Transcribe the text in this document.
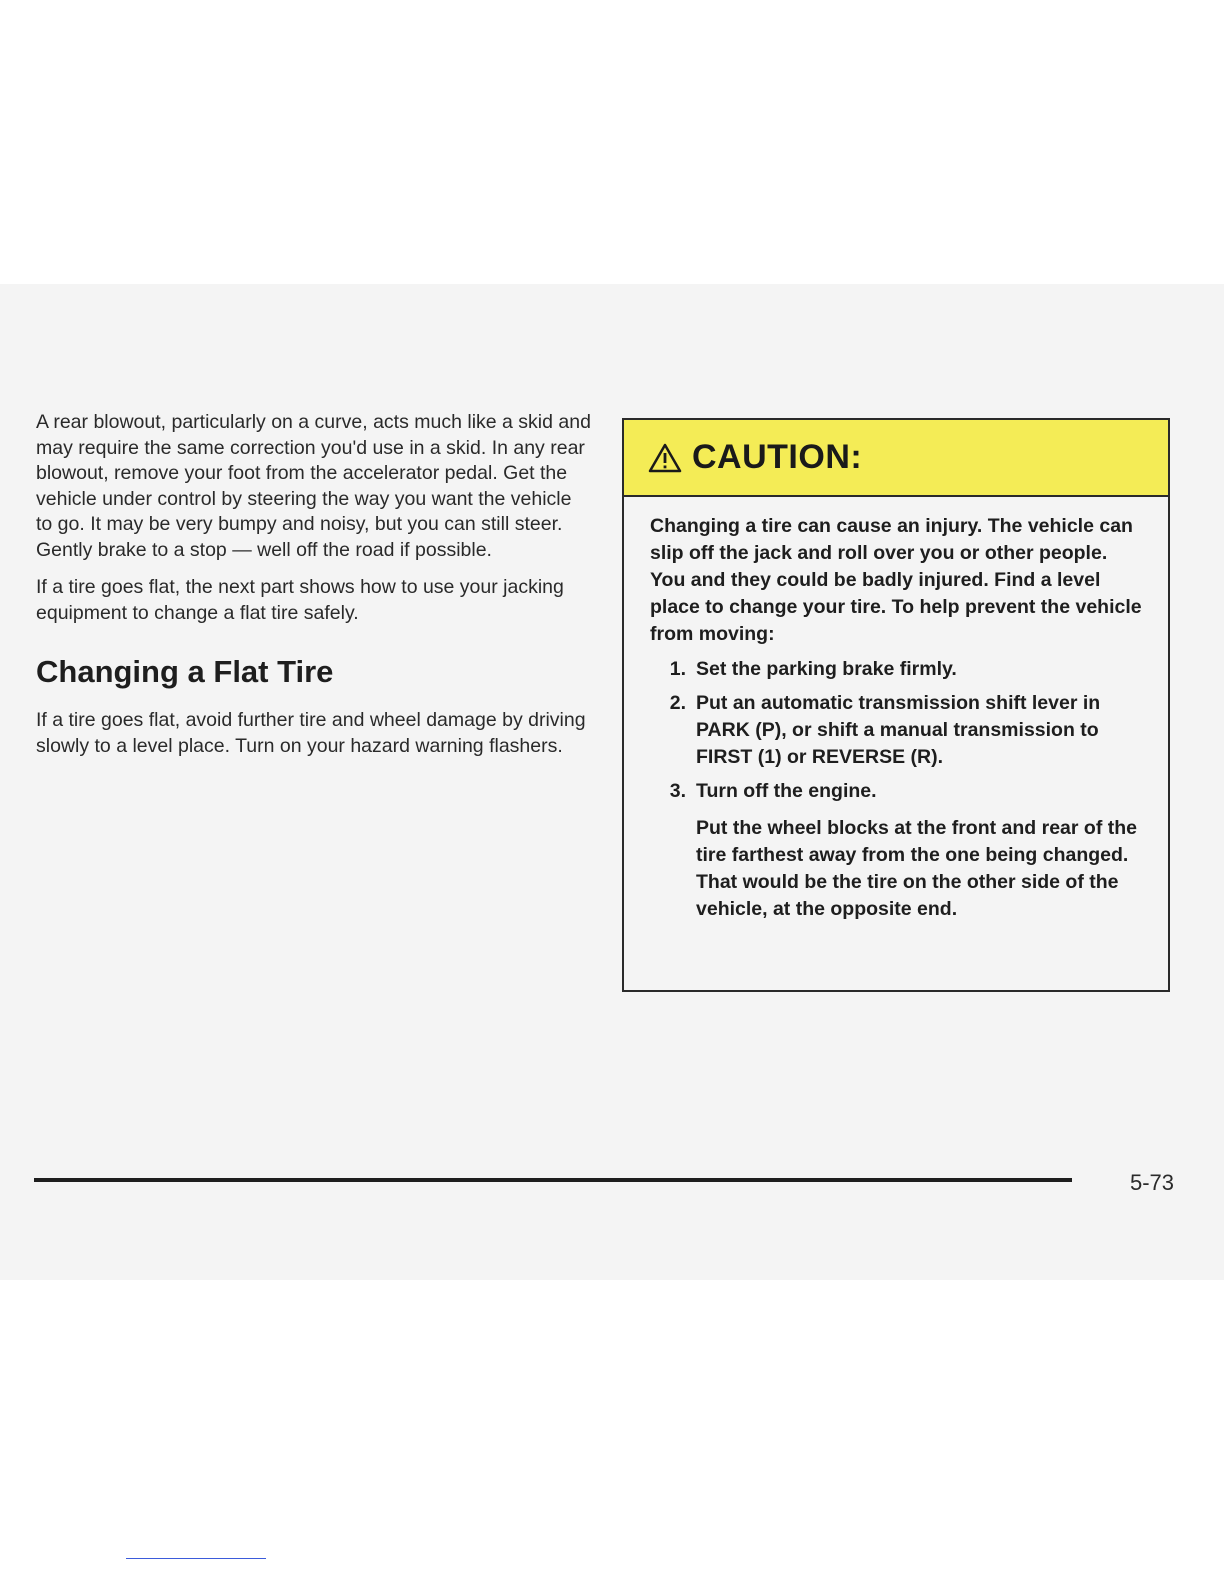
A rear blowout, particularly on a curve, acts much like a skid and may require the same correction you'd use in a skid. In any rear blowout, remove your foot from the accelerator pedal. Get the vehicle under control by steering the way you want the vehicle to go. It may be very bumpy and noisy, but you can still steer. Gently brake to a stop — well off the road if possible.

If a tire goes flat, the next part shows how to use your jacking equipment to change a flat tire safely.

Changing a Flat Tire

If a tire goes flat, avoid further tire and wheel damage by driving slowly to a level place. Turn on your hazard warning flashers.

CAUTION:

Changing a tire can cause an injury. The vehicle can slip off the jack and roll over you or other people. You and they could be badly injured. Find a level place to change your tire. To help prevent the vehicle from moving:

1. Set the parking brake firmly.
2. Put an automatic transmission shift lever in PARK (P), or shift a manual transmission to FIRST (1) or REVERSE (R).
3. Turn off the engine.

Put the wheel blocks at the front and rear of the tire farthest away from the one being changed. That would be the tire on the other side of the vehicle, at the opposite end.

5-73
